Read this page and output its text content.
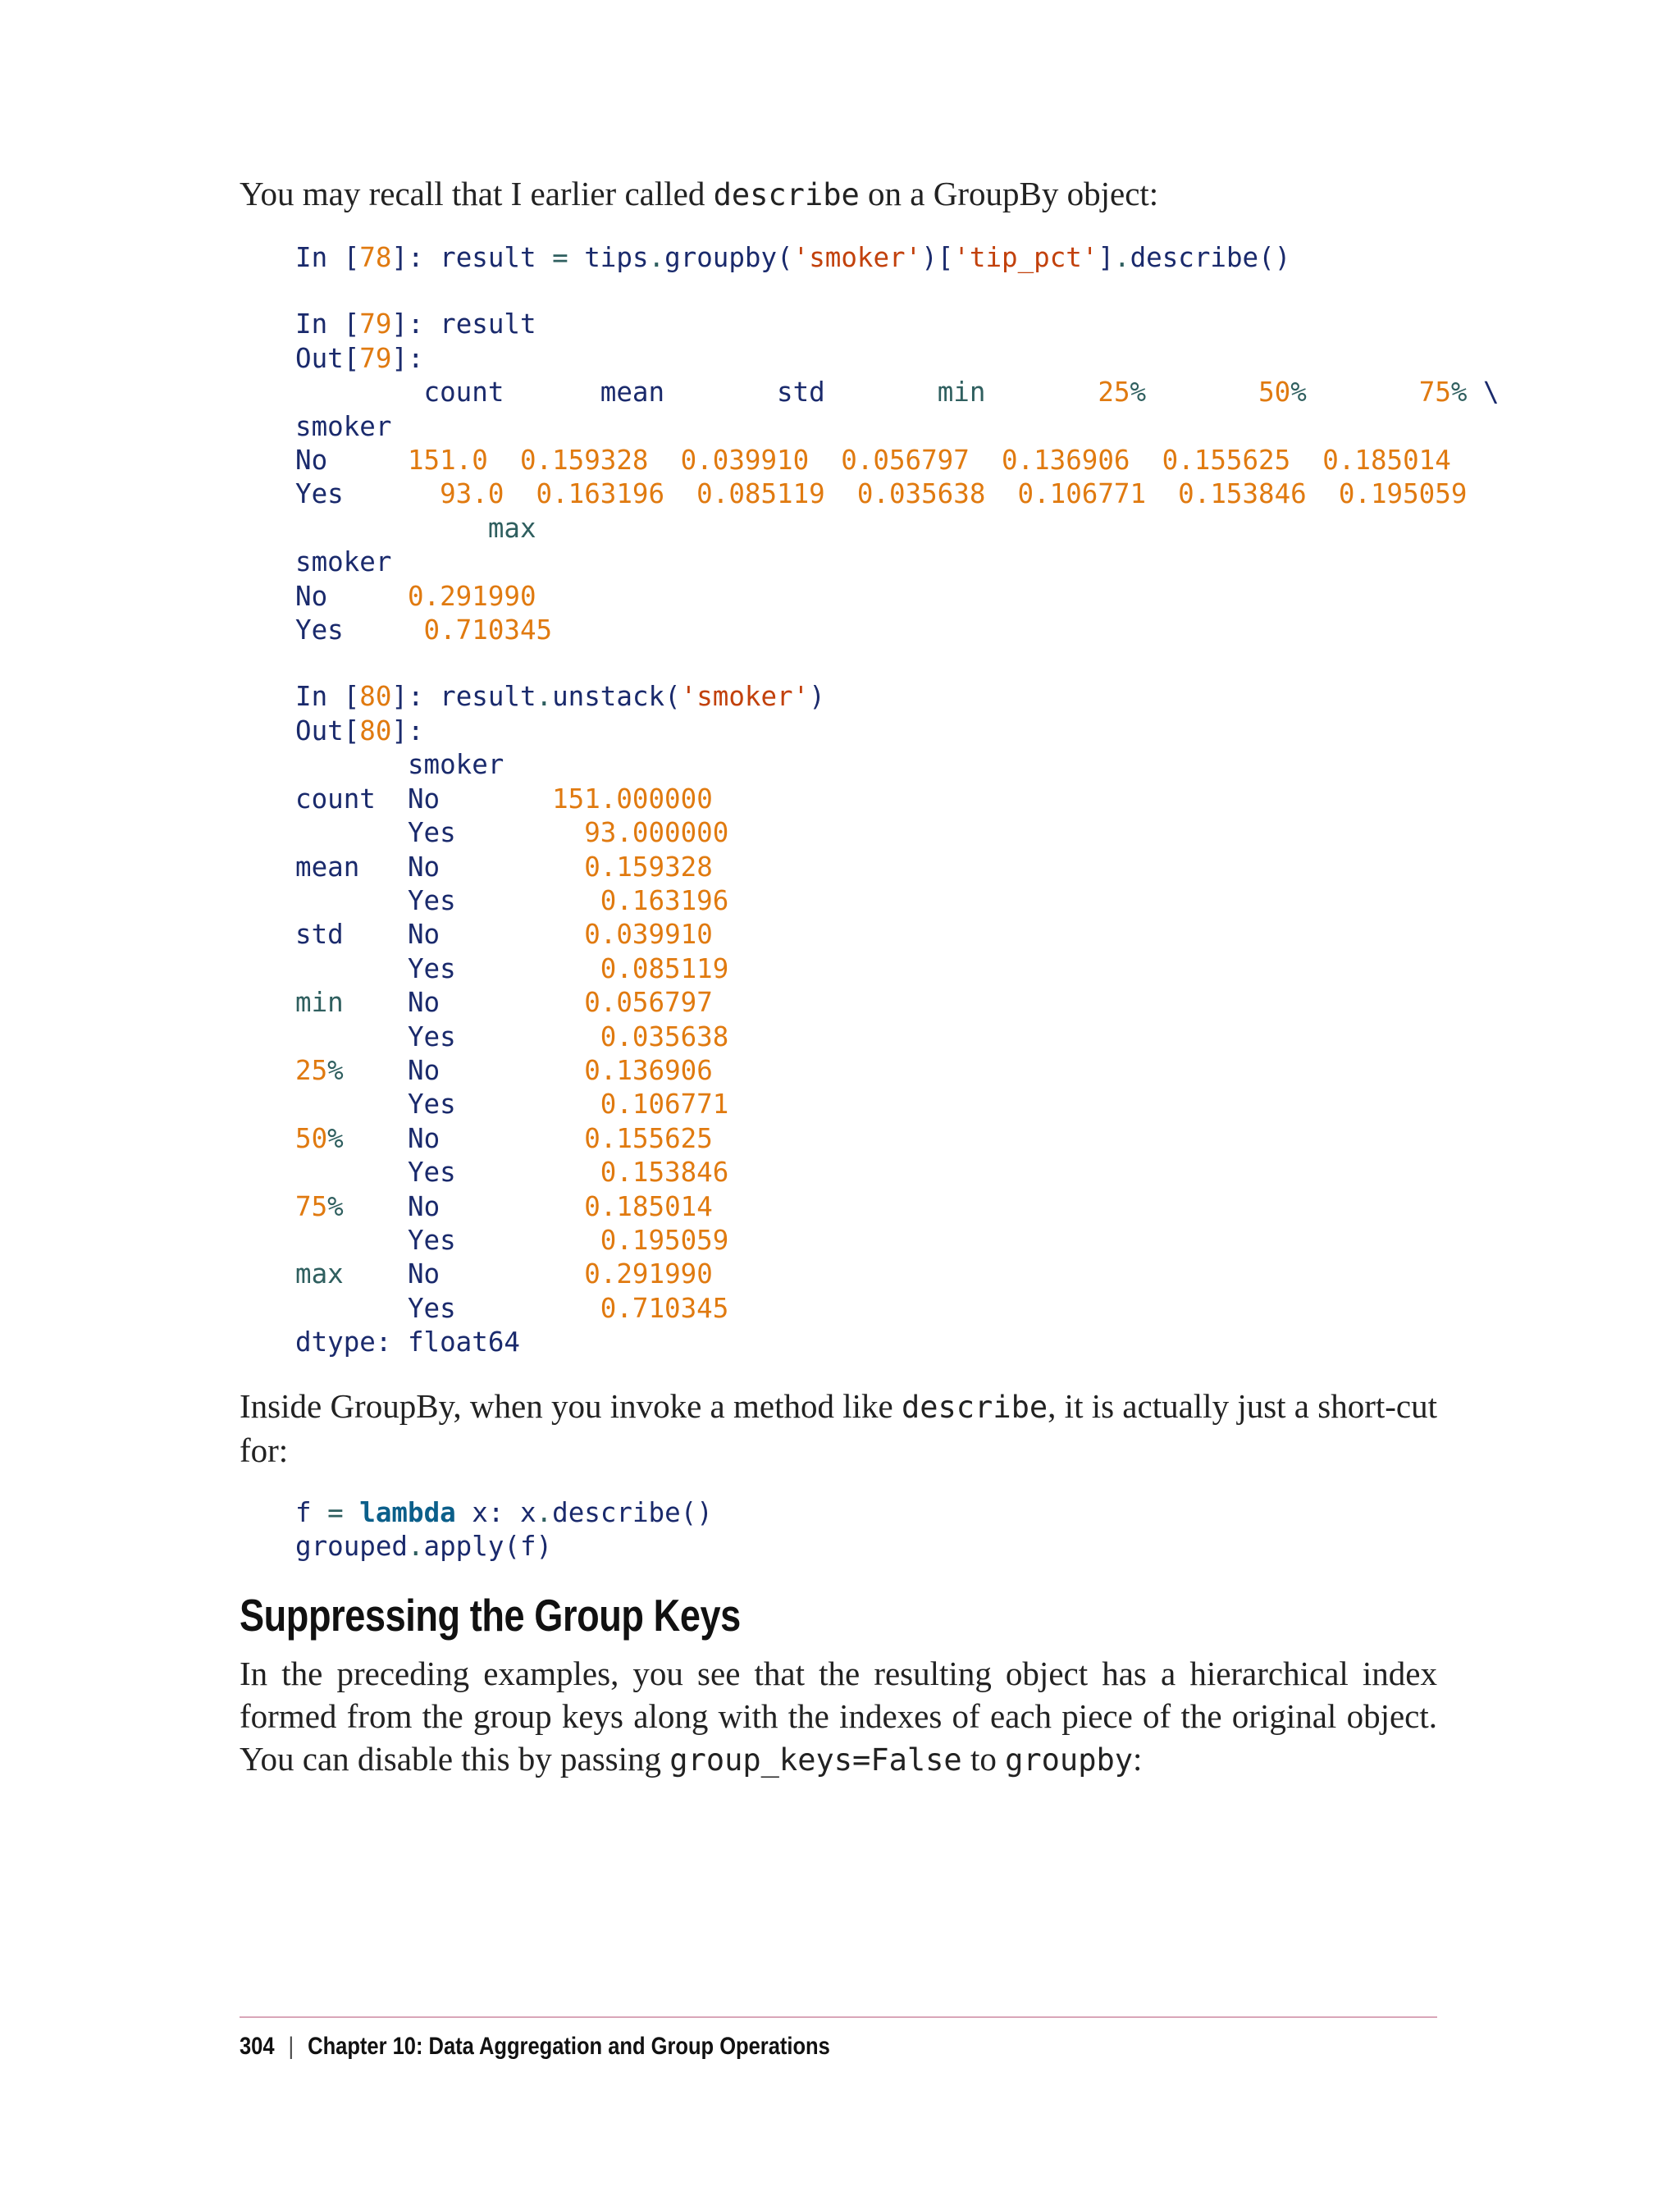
You may recall that I earlier called describe on a GroupBy object:

In [78]: result = tips.groupby('smoker')['tip_pct'].describe()
In [79]: result
Out[79]:
count	mean	std	min	25%	50%	75% \
smoker
No	151.0  0.159328  0.039910  0.056797  0.136906  0.155625  0.185014
Yes	93.0  0.163196  0.085119  0.035638  0.106771  0.153846  0.195059
max
smoker
No	0.291990
Yes	0.710345
In [80]: result.unstack('smoker')
Out[80]:
smoker
count No	151.000000
Yes	93.000000
mean No	0.159328
Yes	0.163196
std No	0.039910
Yes	0.085119
min No	0.056797
Yes	0.035638
25% No	0.136906
Yes	0.106771
50% No	0.155625
Yes	0.153846
75% No	0.185014
Yes	0.195059
max No	0.291990
Yes	0.710345
dtype: float64

Inside GroupBy, when you invoke a method like describe, it is actually just a short-cut for:

f = lambda x: x.describe()
grouped.apply(f)
Suppressing the Group Keys

In the preceding examples, you see that the resulting object has a hierarchical index formed from the group keys along with the indexes of each piece of the original object. You can disable this by passing group_keys=False to groupby:

304 | Chapter 10: Data Aggregation and Group Operations
